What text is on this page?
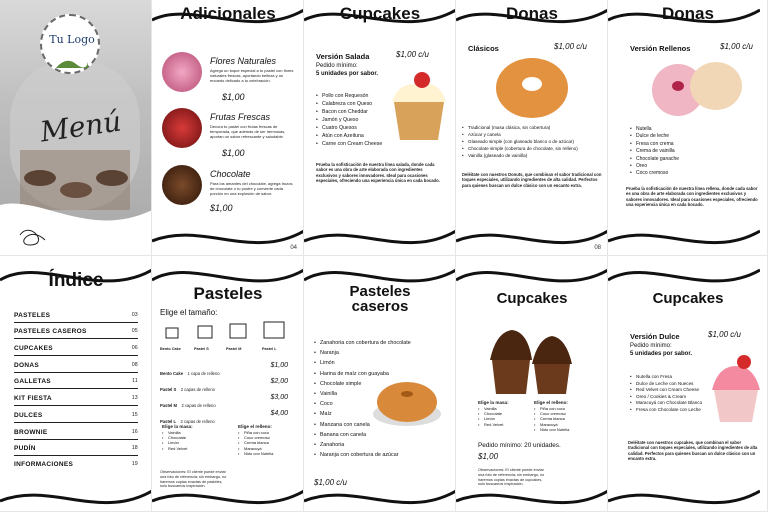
Tu Logo
Menú
Adicionales
Flores Naturales
Agrega un toque especial a tu pastel con flores naturales frescas, aportando belleza y un encanto delicado a tu celebración.
$1,00
Frutas Frescas
Decora tu pastel con frutas frescas de temporada, que además de ser hermosas, aportan un sabor refrescante y saludable.
$1,00
Chocolate
Para los amantes del chocolate, agrega trozos de chocolate o tu postre y convierte cada porción en una explosión de sabor.
$1,00
04
Cupcakes
Versión Salada	$1,00 c/u
Pedido mínimo:
5 unidades por sabor.
• Pollo con Requesón
• Calabreza con Queso
• Bacon con Cheddar
• Jamón y Queso
• Cuatro Quesos
• Atún con Azeituna
• Carne con Cream Cheese
Prueba la sofisticación de nuestra línea salada, donde cada sabor es una obra de arte elaborada con ingredientes exclusivos y sabores innovadores. Ideal para ocasiones especiales, ofreciendo una experiencia única en cada bocado.
Donas
Clásicos	$1,00 c/u
• Tradicional (masa clásica, sin cobertura)
• Azúcar y canela
• Glaseado simple (con glaseado blanco o de azúcar)
• Chocolate simple (cobertura de chocolate, sin relleno)
• Vainilla (glaseado de vainilla)
Deléitate con nuestros Donuts, que combinan el sabor tradicional con toques especiales, utilizando ingredientes de alta calidad. Perfectos para quienes buscan un dulce clásico con un encanto extra.
08
Donas
Versión Rellenos	$1,00 c/u
• Nutella
• Dulce de leche
• Fresa con crema
• Crema de vainilla
• Chocolate ganache
• Oreo
• Coco cremoso
Prueba la sofisticación de nuestra línea rellena, donde cada sabor es una obra de arte elaborada con ingredientes exclusivos y sabores innovadores. Ideal para ocasiones especiales, ofreciendo una experiencia única en cada bocado.
Índice
PASTELES	03
PASTELES CASEROS	05
CUPCAKES	06
DONAS	08
GALLETAS	11
KIT FIESTA	13
DULCES	15
BROWNIE	16
PUDÍN	18
INFORMACIONES	19
Pasteles
Elige el tamaño:
Bento Cake	Pastel S	Pastel M	Pastel L
Bento Cake 1 capa de relleno
$1,00
Pastel S 2 capas de relleno
$2,00
Pastel M 2 capas de relleno
$3,00
Pastel L 2 capas de relleno
$4,00
Elige la masa:
• Vainilla
• Chocolate
• Limón
• Red Velvet
Elige el relleno:
• Piña con coco
• Coco cremoso
• Crema blanca
• Maracuyá
• Nido con Nutella
Observaciones: El cliente puede enviar una foto de referencia; sin embargo, no haremos copias exactas de pasteles, solo buscamos inspiración.
Pasteles caseros
• Zanahoria con cobertura de chocolate
• Naranja
• Limón
• Harina de maíz con guayaba
• Chocolate simple
• Vainilla
• Coco
• Maíz
• Manzana con canela
• Banana con canela
• Zanahoria
• Naranja con cobertura de azúcar
$1,00 c/u
Cupcakes
Elige la masa:
• Vainilla
• Chocolate
• Limón
• Red Velvet
Elige el relleno:
• Piña con coco
• Coco cremoso
• Crema blanca
• Maracuyá
• Nido con Nutella
Pedido mínimo: 20 unidades.
$1,00
Observaciones: El cliente puede enviar una foto de referencia; sin embargo, no haremos copias exactas de cupcakes, solo buscamos inspiración.
Cupcakes
Versión Dulce	$1,00 c/u
Pedido mínimo:
5 unidades por sabor.
• Nutella con Fresa
• Dulce de Leche con Nueces
• Red Velvet con Cream Cheese
• Oreo / Cookies & Cream
• Maracuyá con Chocolate Blanco
• Fresa con Chocolate con Leche
Deléitate con nuestros cupcakes, que combinan el sabor tradicional con toques especiales, utilizando ingredientes de alta calidad. Perfectos para quienes buscan un dulce clásico con un encanto extra.
